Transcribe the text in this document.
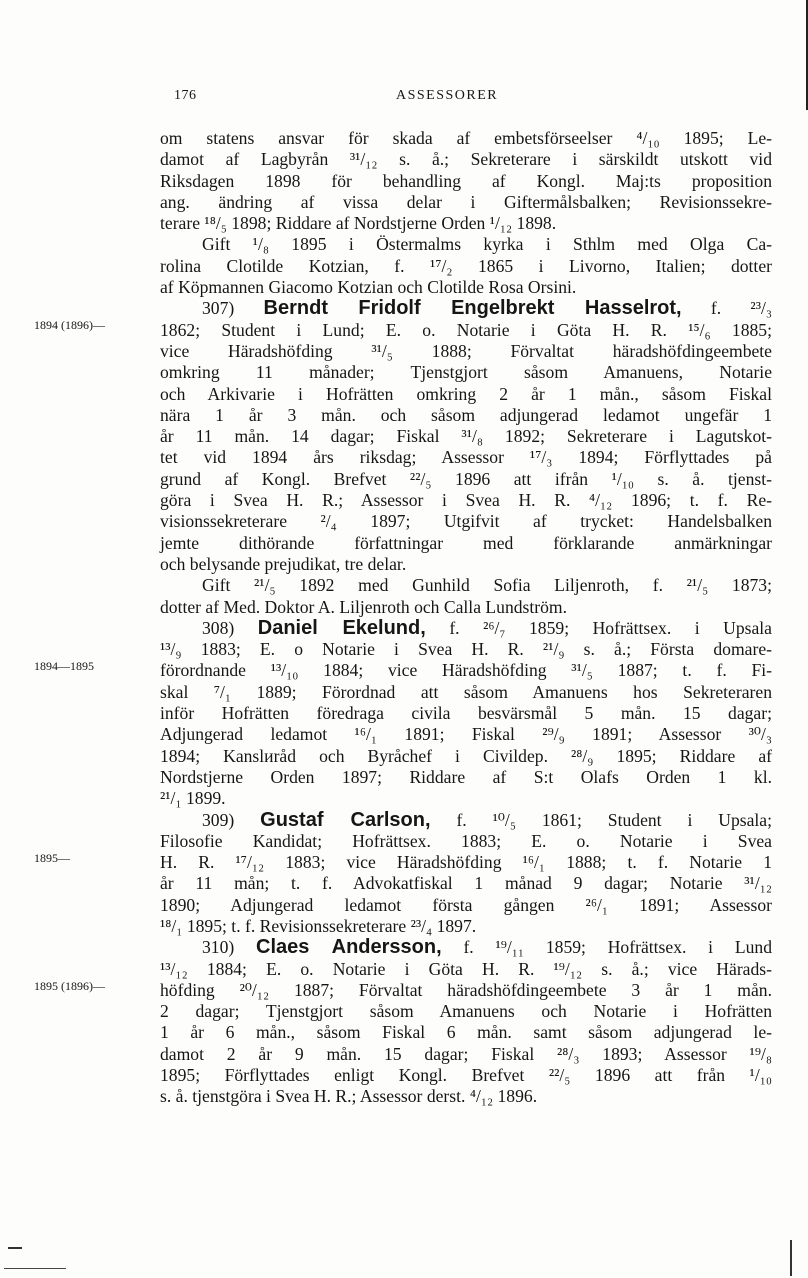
176	ASSESSORER
1894 (1896)—
1894—1895
1895—
1895 (1896)—
om statens ansvar för skada af embetsförseelser ⁴/₁₀ 1895; Le-
damot af Lagbyrån ³¹/₁₂ s. å.; Sekreterare i särskildt utskott vid
Riksdagen 1898 för behandling af Kongl. Maj:ts proposition
ang. ändring af vissa delar i Giftermålsbalken; Revisionssekre-
terare ¹⁸/₅ 1898; Riddare af Nordstjerne Orden ¹/₁₂ 1898.
Gift ¹/₈ 1895 i Östermalms kyrka i Sthlm med Olga Ca-
rolina Clotilde Kotzian, f. ¹⁷/₂ 1865 i Livorno, Italien; dotter
af Köpmannen Giacomo Kotzian och Clotilde Rosa Orsini.
307) Berndt Fridolf Engelbrekt Hasselrot, f. ²³/₃
1862; Student i Lund; E. o. Notarie i Göta H. R. ¹⁵/₆ 1885;
vice Häradshöfding ³¹/₅ 1888; Förvaltat häradshöfdingeembete
omkring 11 månader; Tjenstgjort såsom Amanuens, Notarie
och Arkivarie i Hofrätten omkring 2 år 1 mån., såsom Fiskal
nära 1 år 3 mån. och såsom adjungerad ledamot ungefär 1
år 11 mån. 14 dagar; Fiskal ³¹/₈ 1892; Sekreterare i Lagutskot-
tet vid 1894 års riksdag; Assessor ¹⁷/₃ 1894; Förflyttades på
grund af Kongl. Brefvet ²²/₅ 1896 att ifrån ¹/₁₀ s. å. tjenst-
göra i Svea H. R.; Assessor i Svea H. R. ⁴/₁₂ 1896; t. f. Re-
visionssekreterare ²/₄ 1897; Utgifvit af trycket: Handelsbalken
jemte dithörande författningar med förklarande anmärkningar
och belysande prejudikat, tre delar.
Gift ²¹/₅ 1892 med Gunhild Sofia Liljenroth, f. ²¹/₅ 1873;
dotter af Med. Doktor A. Liljenroth och Calla Lundström.
308) Daniel Ekelund, f. ²⁶/₇ 1859; Hofrättsex. i Upsala
¹³/₉ 1883; E. o Notarie i Svea H. R. ²¹/₉ s. å.; Första domare-
förordnande ¹³/₁₀ 1884; vice Häradshöfding ³¹/₅ 1887; t. f. Fi-
skal ⁷/₁ 1889; Förordnad att såsom Amanuens hos Sekreteraren
inför Hofrätten föredraga civila besvärsmål 5 mån. 15 dagar;
Adjungerad ledamot ¹⁶/₁ 1891; Fiskal ²⁹/₉ 1891; Assessor ³⁰/₃
1894; Kanslиråd och Byråchef i Civildep. ²⁸/₉ 1895; Riddare af
Nordstjerne Orden 1897; Riddare af S:t Olafs Orden 1 kl.
²¹/₁ 1899.
309) Gustaf Carlson, f. ¹⁰/₅ 1861; Student i Upsala;
Filosofie Kandidat; Hofrättsex. 1883; E. o. Notarie i Svea
H. R. ¹⁷/₁₂ 1883; vice Häradshöfding ¹⁶/₁ 1888; t. f. Notarie 1
år 11 mån; t. f. Advokatfiskal 1 månad 9 dagar; Notarie ³¹/₁₂
1890; Adjungerad ledamot första gången ²⁶/₁ 1891; Assessor
¹⁸/₁ 1895; t. f. Revisionssekreterare ²³/₄ 1897.
310) Claes Andersson, f. ¹⁹/₁₁ 1859; Hofrättsex. i Lund
¹³/₁₂ 1884; E. o. Notarie i Göta H. R. ¹⁹/₁₂ s. å.; vice Härads-
höfding ²⁰/₁₂ 1887; Förvaltat häradshöfdingeembete 3 år 1 mån.
2 dagar; Tjenstgjort såsom Amanuens och Notarie i Hofrätten
1 år 6 mån., såsom Fiskal 6 mån. samt såsom adjungerad le-
damot 2 år 9 mån. 15 dagar; Fiskal ²⁸/₃ 1893; Assessor ¹⁹/₈
1895; Förflyttades enligt Kongl. Brefvet ²²/₅ 1896 att från ¹/₁₀
s. å. tjenstgöra i Svea H. R.; Assessor derst. ⁴/₁₂ 1896.
